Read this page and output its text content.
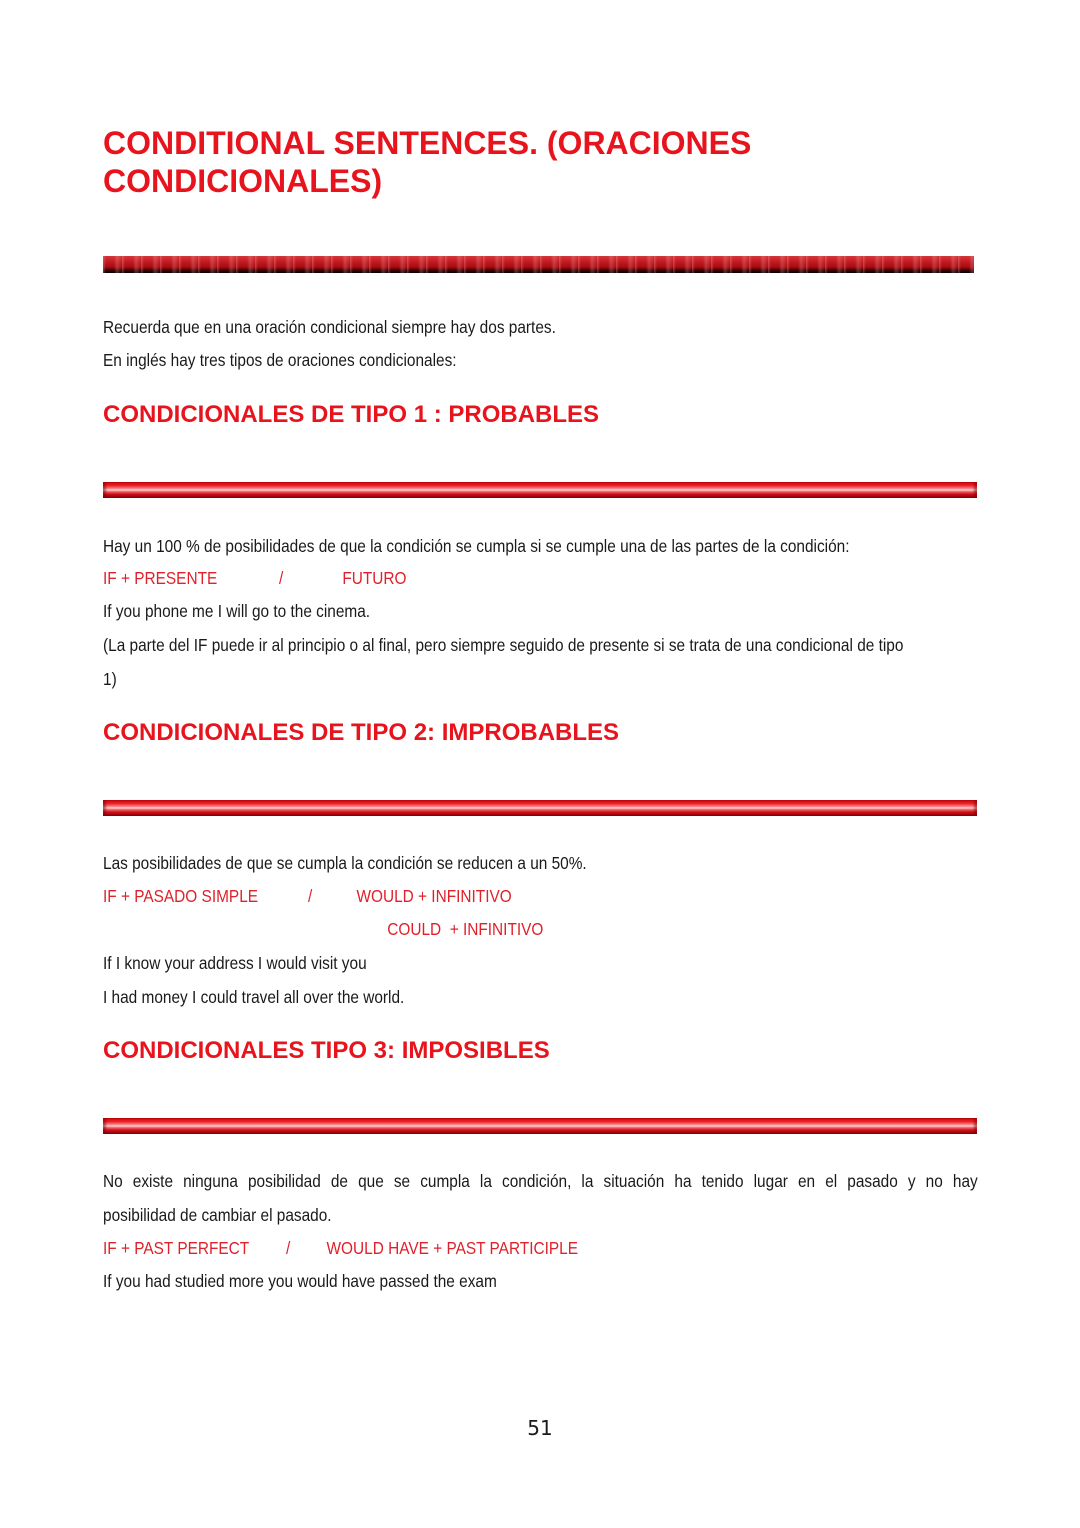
CONDITIONAL SENTENCES. (ORACIONES CONDICIONALES)

Recuerda que en una oración condicional siempre hay dos partes.

En inglés hay tres tipos de oraciones condicionales:

CONDICIONALES DE TIPO 1 : PROBABLES

Hay un 100 % de posibilidades de que la condición se cumpla si se cumple una de las partes de la condición:

IF + PRESENTE	/	FUTURO

If you phone me I will go to the cinema.

(La parte del IF puede ir al principio o al final, pero siempre seguido de presente si se trata de una condicional de tipo

1)

CONDICIONALES DE TIPO 2: IMPROBABLES

Las posibilidades de que se cumpla la condición se reducen a un 50%.

IF + PASADO SIMPLE	/	WOULD + INFINITIVO
COULD  + INFINITIVO

If I know your address I would visit you

I had money I could travel all over the world.

CONDICIONALES TIPO 3: IMPOSIBLES

No existe ninguna posibilidad de que se cumpla la condición, la situación ha tenido lugar en el pasado y no hay

posibilidad de cambiar el pasado.

IF + PAST PERFECT / WOULD HAVE + PAST PARTICIPLE

If you had studied more you would have passed the exam

51
